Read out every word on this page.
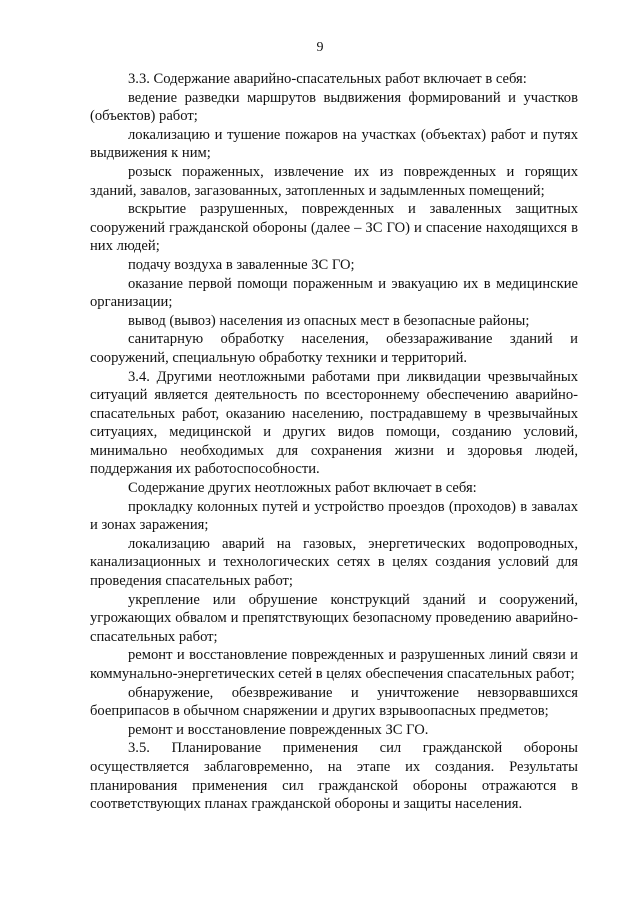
9

3.3. Содержание аварийно-спасательных работ включает в себя:

ведение разведки маршрутов выдвижения формирований и участков (объектов) работ;

локализацию и тушение пожаров на участках (объектах) работ и путях выдвижения к ним;

розыск пораженных, извлечение их из поврежденных и горящих зданий, завалов, загазованных, затопленных и задымленных помещений;

вскрытие разрушенных, поврежденных и заваленных защитных сооружений гражданской обороны (далее – ЗС ГО) и спасение находящихся в них людей;

подачу воздуха в заваленные ЗС ГО;

оказание первой помощи пораженным и эвакуацию их в медицинские организации;

вывод (вывоз) населения из опасных мест в безопасные районы;

санитарную обработку населения, обеззараживание зданий и сооружений, специальную обработку техники и территорий.

3.4. Другими неотложными работами при ликвидации чрезвычайных ситуаций является деятельность по всестороннему обеспечению аварийно-спасательных работ, оказанию населению, пострадавшему в чрезвычайных ситуациях, медицинской и других видов помощи, созданию условий, минимально необходимых для сохранения жизни и здоровья людей, поддержания их работоспособности.

Содержание других неотложных работ включает в себя:

прокладку колонных путей и устройство проездов (проходов) в завалах и зонах заражения;

локализацию аварий на газовых, энергетических водопроводных, канализационных и технологических сетях в целях создания условий для проведения спасательных работ;

укрепление или обрушение конструкций зданий и сооружений, угрожающих обвалом и препятствующих безопасному проведению аварийно-спасательных работ;

ремонт и восстановление поврежденных и разрушенных линий связи и коммунально-энергетических сетей в целях обеспечения спасательных работ;

обнаружение, обезвреживание и уничтожение невзорвавшихся боеприпасов в обычном снаряжении и других взрывоопасных предметов;

ремонт и восстановление поврежденных ЗС ГО.

3.5. Планирование применения сил гражданской обороны осуществляется заблаговременно, на этапе их создания. Результаты планирования применения сил гражданской обороны отражаются в соответствующих планах гражданской обороны и защиты населения.
